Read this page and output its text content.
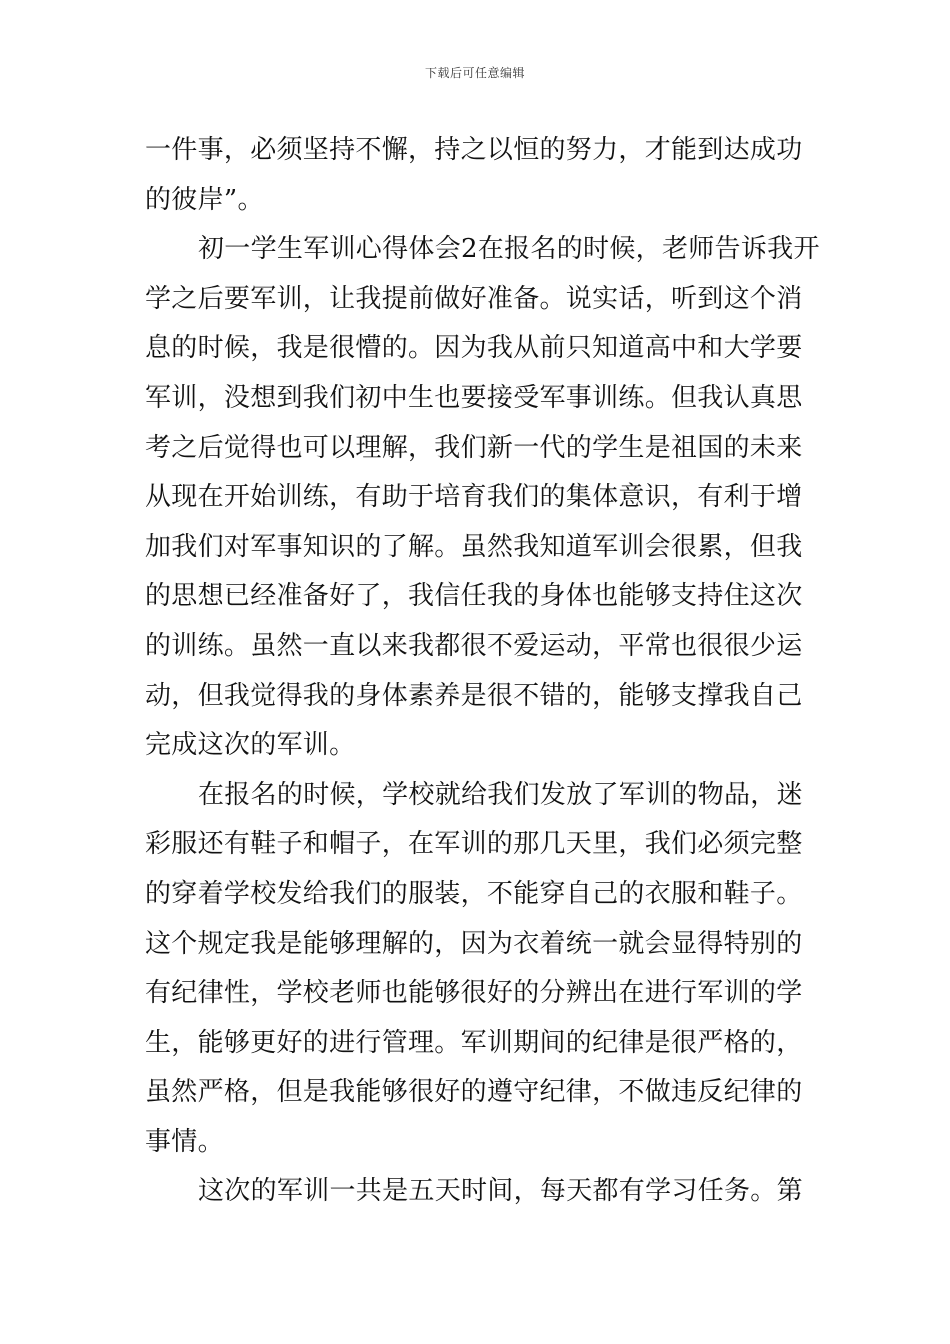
下载后可任意编辑
一件事，必须坚持不懈，持之以恒的努力，才能到达成功
的彼岸”。
初一学生军训心得体会2在报名的时候，老师告诉我开
学之后要军训，让我提前做好准备。说实话，听到这个消
息的时候，我是很懵的。因为我从前只知道高中和大学要
军训，没想到我们初中生也要接受军事训练。但我认真思
考之后觉得也可以理解，我们新一代的学生是祖国的未来
从现在开始训练，有助于培育我们的集体意识，有利于增
加我们对军事知识的了解。虽然我知道军训会很累，但我
的思想已经准备好了，我信任我的身体也能够支持住这次
的训练。虽然一直以来我都很不爱运动，平常也很很少运
动，但我觉得我的身体素养是很不错的，能够支撑我自己
完成这次的军训。
在报名的时候，学校就给我们发放了军训的物品，迷
彩服还有鞋子和帽子，在军训的那几天里，我们必须完整
的穿着学校发给我们的服装，不能穿自己的衣服和鞋子。
这个规定我是能够理解的，因为衣着统一就会显得特别的
有纪律性，学校老师也能够很好的分辨出在进行军训的学
生，能够更好的进行管理。军训期间的纪律是很严格的，
虽然严格，但是我能够很好的遵守纪律，不做违反纪律的
事情。
这次的军训一共是五天时间，每天都有学习任务。第
